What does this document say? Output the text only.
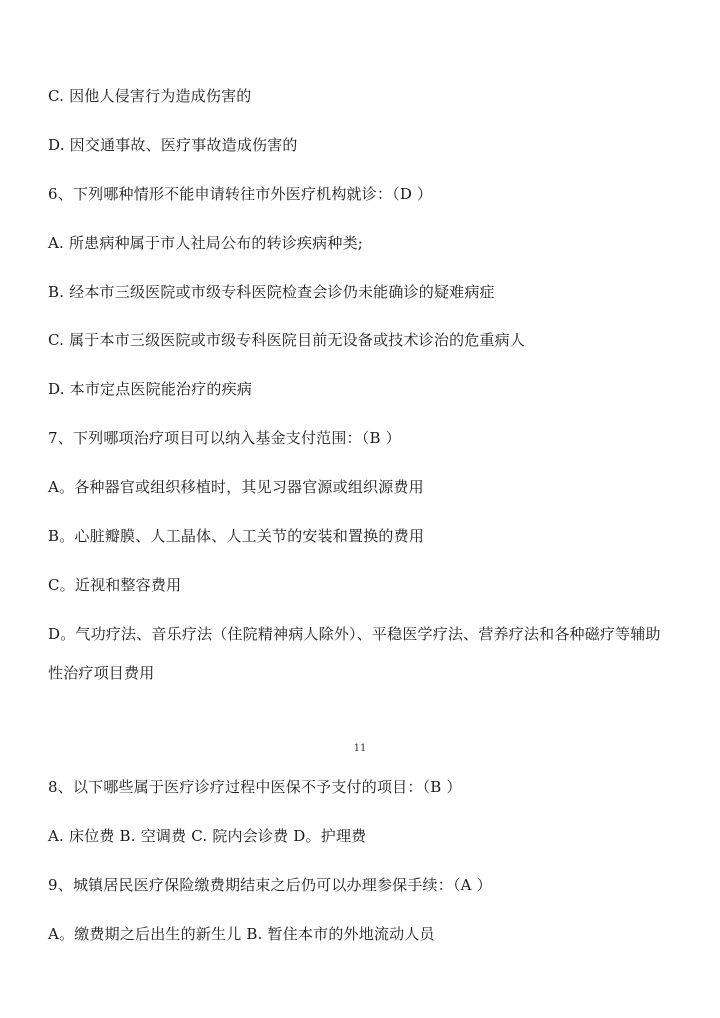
C. 因他人侵害行为造成伤害的
D. 因交通事故、医疗事故造成伤害的
6、下列哪种情形不能申请转往市外医疗机构就诊：（D ）
A. 所患病种属于市人社局公布的转诊疾病种类;
B. 经本市三级医院或市级专科医院检查会诊仍未能确诊的疑难病症
C. 属于本市三级医院或市级专科医院目前无设备或技术诊治的危重病人
D. 本市定点医院能治疗的疾病
7、下列哪项治疗项目可以纳入基金支付范围：（B ）
A。各种器官或组织移植时，其见习器官源或组织源费用
B。心脏瓣膜、人工晶体、人工关节的安装和置换的费用
C。近视和整容费用
D。气功疗法、音乐疗法（住院精神病人除外）、平稳医学疗法、营养疗法和各种磁疗等辅助
性治疗项目费用
11
8、以下哪些属于医疗诊疗过程中医保不予支付的项目：（B ）
A. 床位费 B. 空调费 C. 院内会诊费 D。护理费
9、城镇居民医疗保险缴费期结束之后仍可以办理参保手续：（A ）
A。缴费期之后出生的新生儿 B. 暂住本市的外地流动人员
